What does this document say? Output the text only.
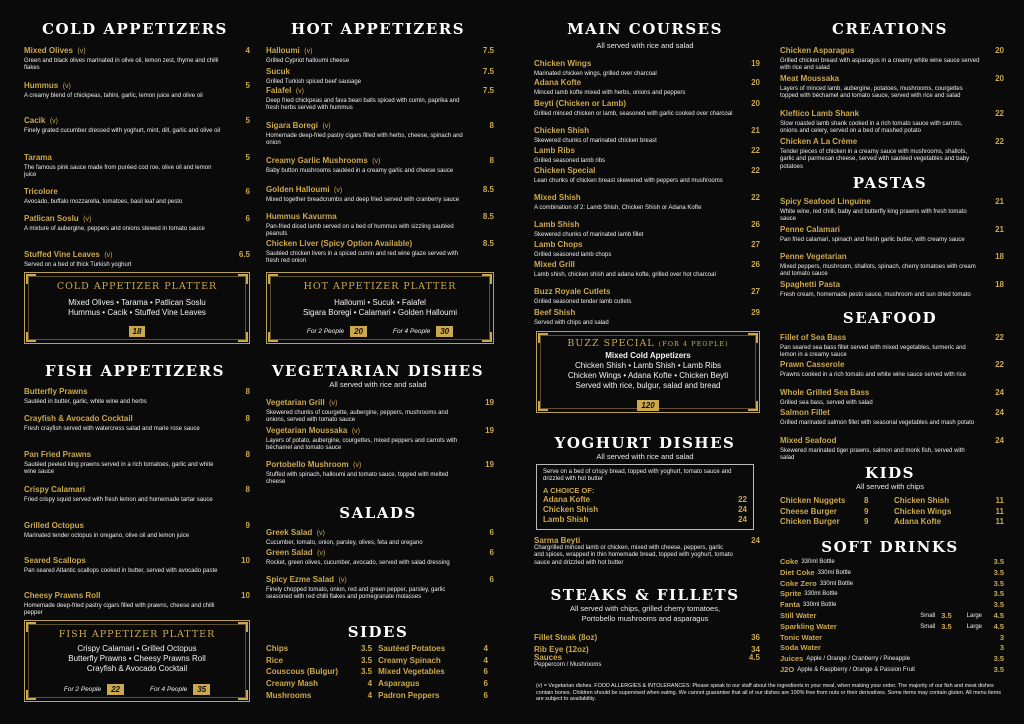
COLD APPETIZERS
Mixed Olives (v)	4
Green and black olives marinated in olive oil, lemon zest, thyme and chilli flakes
Hummus (v)	5
A creamy blend of chickpeas, tahini, garlic, lemon juice and olive oil
Cacik (v)	5
Finely grated cucumber dressed with yoghurt, mint, dill, garlic and olive oil
Tarama	5
The famous pink sauce made from puréed cod roe, olive oil and lemon juice
Tricolore	6
Avocado, buffalo mozzarella, tomatoes, basil leaf and pesto
Patlican Soslu (v)	6
A mixture of aubergine, peppers and onions stewed in tomato sauce
Stuffed Vine Leaves (v)	6.5
Served on a bed of thick Turkish yoghurt
COLD APPETIZER PLATTER
Mixed Olives • Tarama • Patlican Soslu
Hummus • Cacik • Stuffed Vine Leaves
18
FISH APPETIZERS
Butterfly Prawns	8
Sautéed in butter, garlic, white wine and herbs
Crayfish & Avocado Cocktail	8
Fresh crayfish served with watercress salad and marie rose sauce
Pan Fried Prawns	8
Sautéed peeled king prawns served in a rich tomatoes, garlic and white wine sauce
Crispy Calamari	8
Fried crispy squid served with fresh lemon and homemade tartar sauce
Grilled Octopus	9
Marinated tender octopus in oregano, olive oil and lemon juice
Seared Scallops	10
Pan seared Atlantic scallops cooked in butter, served with avocado paste
Cheesy Prawns Roll	10
Homemade deep-fried pastry cigars filled with prawns, cheese and chilli pepper
FISH APPETIZER PLATTER
Crispy Calamari • Grilled Octopus
Butterfly Prawns • Cheesy Prawns Roll
Crayfish & Avocado Cocktail
For 2 People	22	For 4 People	35
HOT APPETIZERS
Halloumi (v)	7.5
Grilled Cypriot halloumi cheese
Sucuk	7.5
Grilled Turkish spiced beef sausage
Falafel (v)	7.5
Deep fried chickpeas and fava bean balls spiced with cumin, paprika and fresh herbs served with hummus
Sigara Boregi (v)	8
Homemade deep-fried pastry cigars filled with herbs, cheese, spinach and onion
Creamy Garlic Mushrooms (v)	8
Baby button mushrooms sautéed in a creamy garlic and cheese sauce
Golden Halloumi (v)	8.5
Mixed together breadcrumbs and deep fried served with cranberry sauce
Hummus Kavurma	8.5
Pan-fried diced lamb served on a bed of hummus with sizzling sautéed peanuts
Chicken Liver (Spicy Option Available)	8.5
Sautéed chicken livers in a spiced cumin and red wine glaze served with fresh red onion
HOT APPETIZER PLATTER
Halloumi • Sucuk • Falafel
Sigara Boregi • Calamari • Golden Halloumi
For 2 People	20	For 4 People	30
VEGETARIAN DISHES
All served with rice and salad
Vegetarian Grill (v)	19
Skewered chunks of courgette, aubergine, peppers, mushrooms and onions, served with tomato sauce
Vegetarian Moussaka (v)	19
Layers of potato, aubergine, courgettes, mixed peppers and carrots with béchamel and tomato sauce
Portobello Mushroom (v)	19
Stuffed with spinach, halloumi and tomato sauce, topped with melted cheese
SALADS
Greek Salad (v)	6
Cucumber, tomato, onion, parsley, olives, feta and oregano
Green Salad (v)	6
Rocket, green olives, cucumber, avocado, served with salad dressing
Spicy Ezme Salad (v)	6
Finely chopped tomato, onion, red and green pepper, parsley, garlic seasoned with red chilli flakes and pomegranate molasses
SIDES
Chips	3.5 Sautéed Potatoes	4
Rice	3.5 Creamy Spinach	4
Couscous (Bulgur)	3.5 Mixed Vegetables	6
Creamy Mash	4 Asparagus	6
Mushrooms	4 Padron Peppers	6
MAIN COURSES
All served with rice and salad
Chicken Wings	19
Marinated chicken wings, grilled over charcoal
Adana Kofte	20
Minced lamb kofte mixed with herbs, onions and peppers
Beyti (Chicken or Lamb)	20
Grilled minced chicken or lamb, seasoned with garlic cooked over charcoal
Chicken Shish	21
Skewered chunks of marinated chicken breast
Lamb Ribs	22
Grilled seasoned lamb ribs
Chicken Special	22
Lean chunks of chicken breast skewered with peppers and mushrooms
Mixed Shish	22
A combination of 2: Lamb Shish, Chicken Shish or Adana Kofte
Lamb Shish	26
Skewered chunks of marinated lamb fillet
Lamb Chops	27
Grilled seasoned lamb chops
Mixed Grill	26
Lamb shish, chicken shish and adana kofte, grilled over hot charcoal
Buzz Royale Cutlets	27
Grilled seasoned tender lamb cutlets
Beef Shish	29
Served with chips and salad
BUZZ SPECIAL (FOR 4 PEOPLE)
Mixed Cold Appetizers
Chicken Shish • Lamb Shish • Lamb Ribs
Chicken Wings • Adana Kofte • Chicken Beyti
Served with rice, bulgur, salad and bread
120
YOGHURT DISHES
All served with rice and salad
Serve on a bed of crispy bread, topped with yoghurt, tomato sauce and drizzled with hot butter
A CHOICE OF:
Adana Kofte	22
Chicken Shish	24
Lamb Shish	24
Sarma Beyti	24
Chargrilled minced lamb or chicken, mixed with cheese, peppers, garlic and spices, wrapped in thin homemade bread, topped with yoghurt, tomato sauce and drizzled with hot butter
STEAKS & FILLETS
All served with chips, grilled cherry tomatoes,
Portobello mushrooms and asparagus
Fillet Steak (8oz)	36
Rib Eye (12oz)	34
Sauces	4.5
Peppercorn / Mushrooms
(v) = Vegetarian dishes. FOOD ALLERGIES & INTOLERANCES: Please speak to our staff about the ingredients in your meal, when making your order. The majority of our fish and meat dishes contain bones. Children should be supervised when eating. We cannot guarantee that all of our dishes are 100% free from nuts or their derivatives. Some items may contain gluten. All menu items are subject to availability.
CREATIONS
Chicken Asparagus	20
Grilled chicken breast with asparagus in a creamy white wine sauce served with rice and salad
Meat Moussaka	20
Layers of minced lamb, aubergine, potatoes, mushrooms, courgettes topped with béchamel and tomato sauce, served with rice and salad
Kleftico Lamb Shank	22
Slow roasted lamb shank cooked in a rich tomato sauce with carrots, onions and celery, served on a bed of mashed potato
Chicken A La Crème	22
Tender pieces of chicken in a creamy sauce with mushrooms, shallots, garlic and parmesan cheese, served with sautéed vegetables and baby potatoes
PASTAS
Spicy Seafood Linguine	21
White wine, red chilli, baby and butterfly king prawns with fresh tomato sauce
Penne Calamari	21
Pan fried calamari, spinach and fresh garlic butter, with creamy sauce
Penne Vegetarian	18
Mixed peppers, mushroom, shallots, spinach, cherry tomatoes with cream and tomato sauce
Spaghetti Pasta	18
Fresh cream, homemade pesto sauce, mushroom and sun dried tomato
SEAFOOD
Fillet of Sea Bass	22
Pan seared sea bass fillet served with mixed vegetables, turmeric and lemon in a creamy sauce
Prawn Casserole	22
Prawns cooked in a rich tomato and white wine sauce served with rice
Whole Grilled Sea Bass	24
Grilled sea bass, served with salad
Salmon Fillet	24
Grilled marinated salmon fillet with seasonal vegetables and mash potato
Mixed Seafood	24
Skewered marinated tiger prawns, salmon and monk fish, served with salad
KIDS
All served with chips
Chicken Nuggets	8	Chicken Shish	11
Cheese Burger	9	Chicken Wings	11
Chicken Burger	9	Adana Kofte	11
SOFT DRINKS
Coke 330ml Bottle	3.5
Diet Coke 330ml Bottle	3.5
Coke Zero 330ml Bottle	3.5
Sprite 330ml Bottle	3.5
Fanta 330ml Bottle	3.5
Still Water	Small 3.5	Large	4.5
Sparkling Water	Small 3.5	Large	4.5
Tonic Water	3
Soda Water	3
Juices Apple / Orange / Cranberry / Pineapple	3.5
J2O Apple & Raspberry / Orange & Passion Fruit	3.5
